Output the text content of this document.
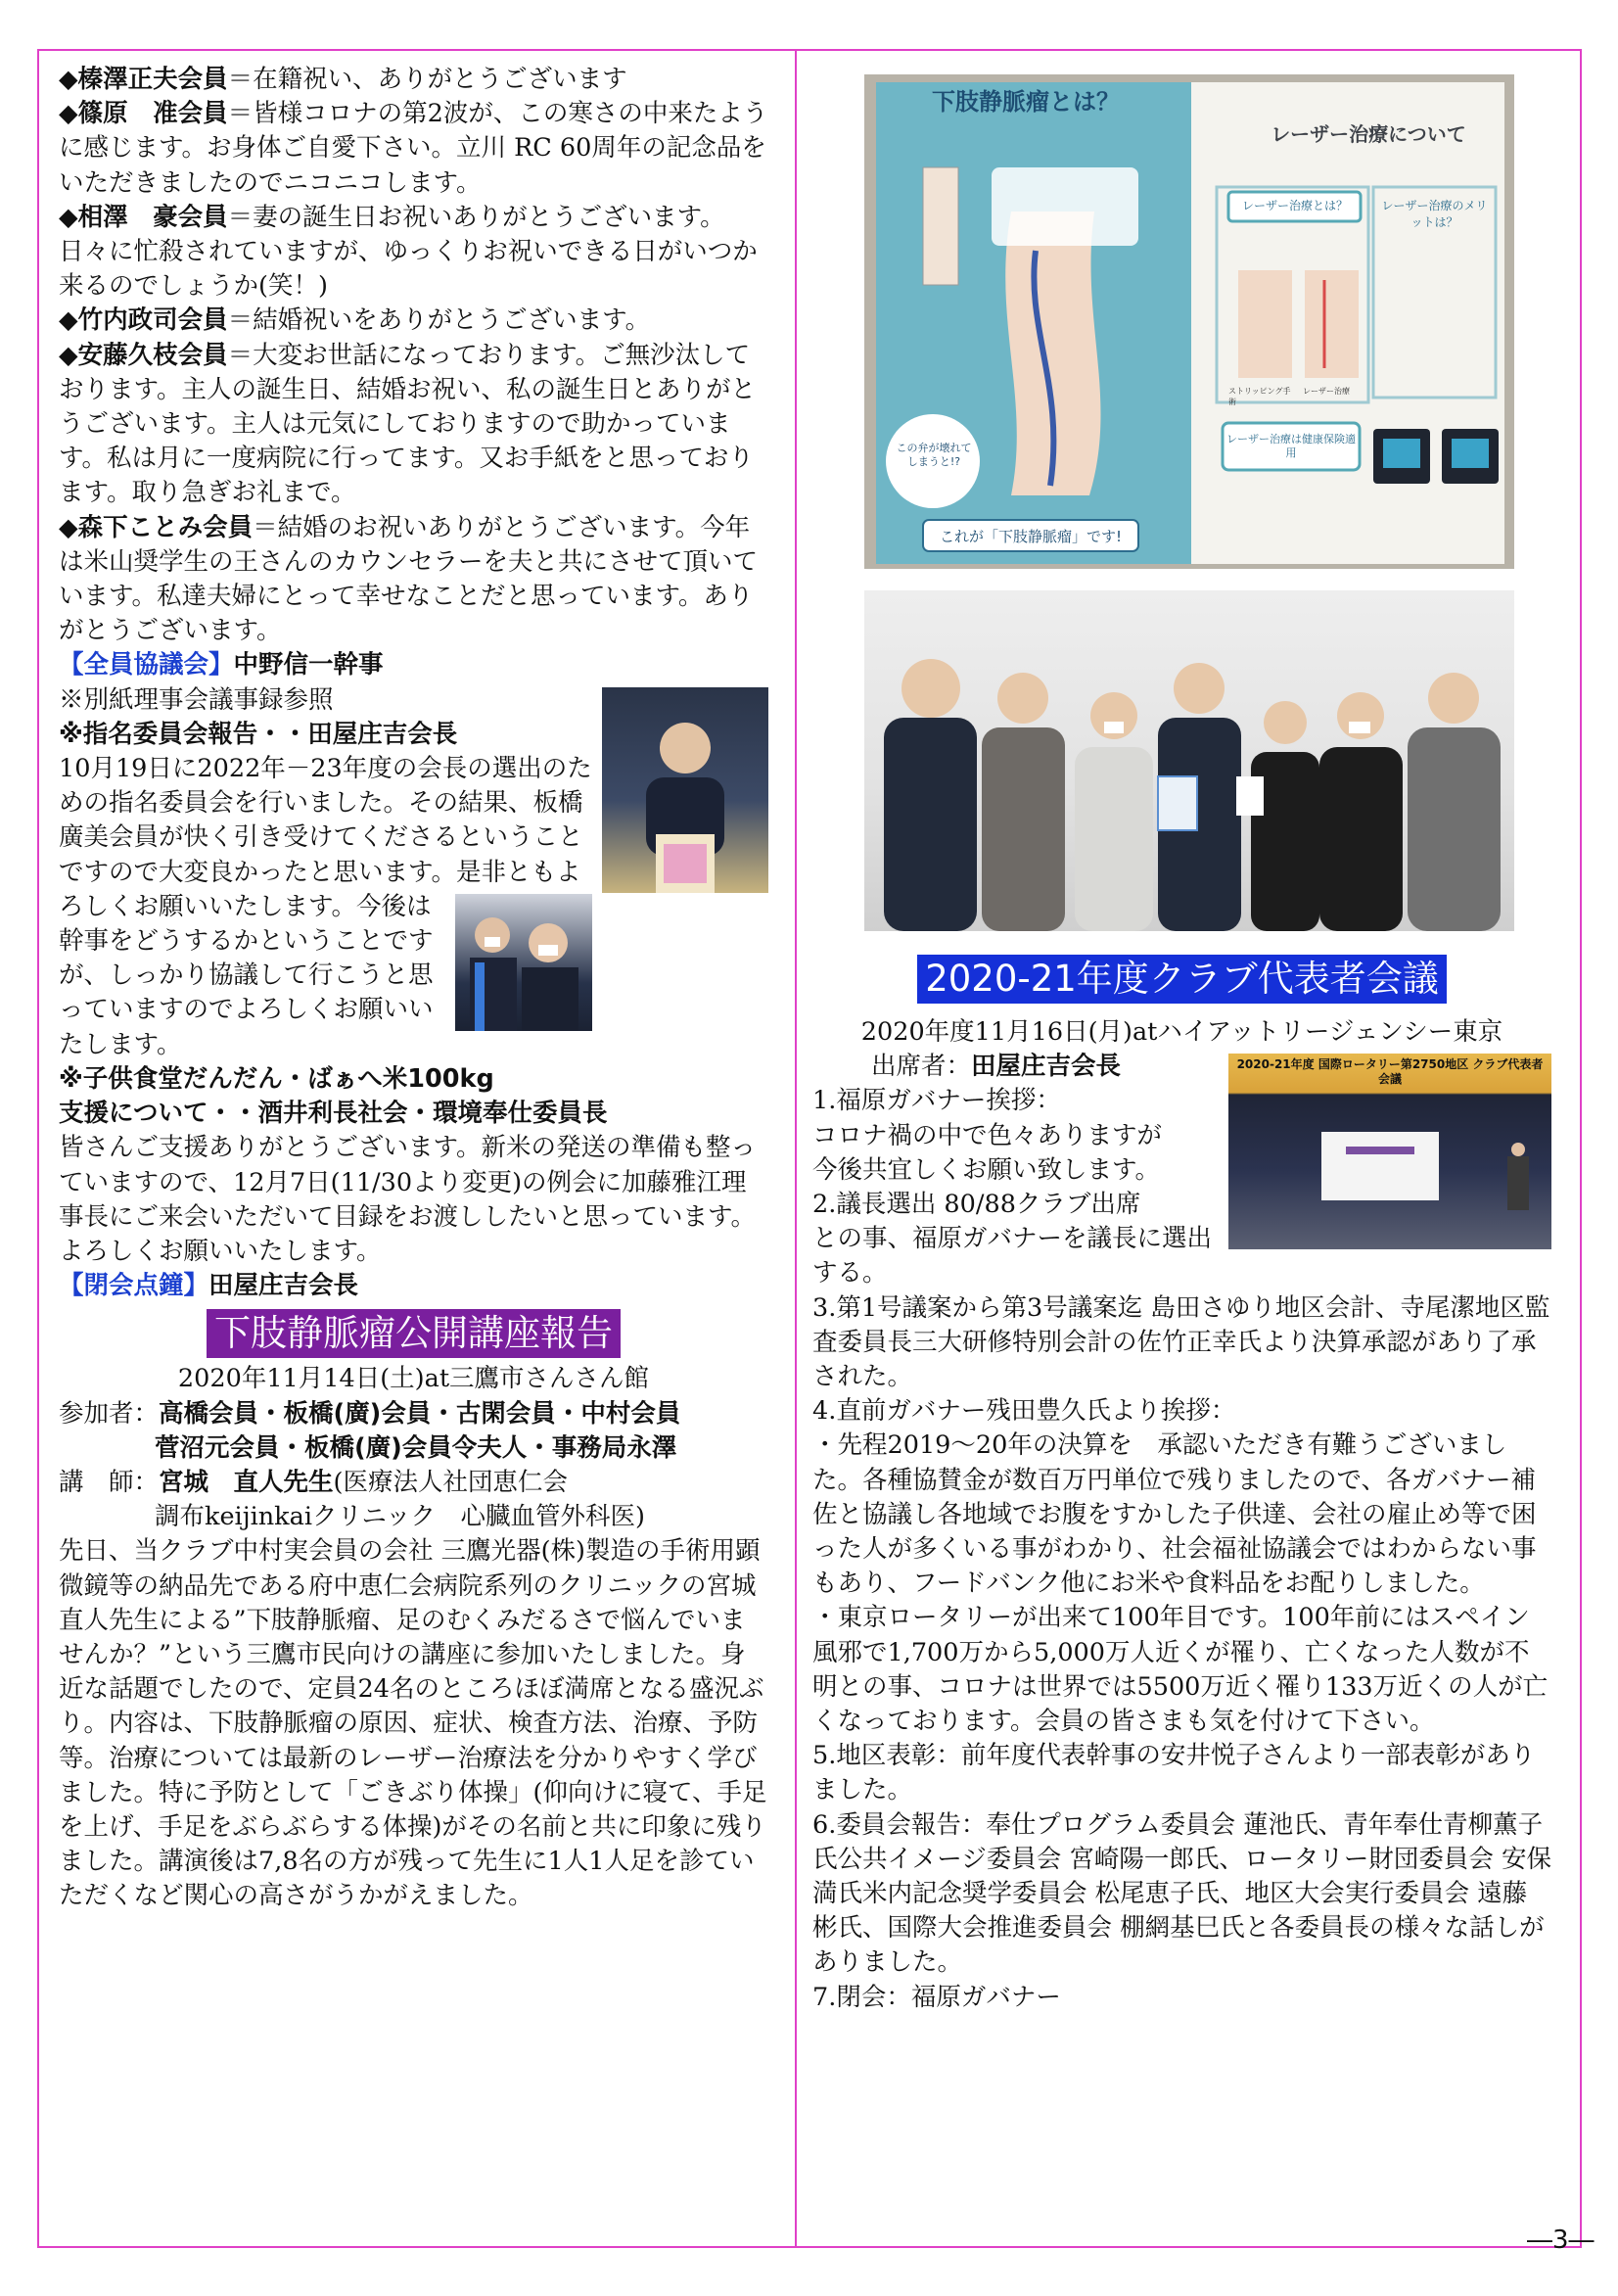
◆榛澤正夫会員＝在籍祝い、ありがとうございます

◆篠原　准会員＝皆様コロナの第2波が、この寒さの中来たように感じます。お身体ご自愛下さい。立川 RC 60周年の記念品をいただきましたのでニコニコします。

◆相澤　豪会員＝妻の誕生日お祝いありがとうございます。日々に忙殺されていますが、ゆっくりお祝いできる日がいつか来るのでしょうか(笑！)

◆竹内政司会員＝結婚祝いをありがとうございます。

◆安藤久枝会員＝大変お世話になっております。ご無沙汰しております。主人の誕生日、結婚お祝い、私の誕生日とありがとうございます。主人は元気にしておりますので助かっています。私は月に一度病院に行ってます。又お手紙をと思っております。取り急ぎお礼まで。

◆森下ことみ会員＝結婚のお祝いありがとうございます。今年は米山奨学生の王さんのカウンセラーを夫と共にさせて頂いています。私達夫婦にとって幸せなことだと思っています。ありがとうございます。

【全員協議会】中野信一幹事

※別紙理事会議事録参照

※指名委員会報告・・田屋庄吉会長

10月19日に2022年－23年度の会長の選出のための指名委員会を行いました。その結果、板橋廣美会員が快く引き受けてくださるということですので大変良かったと思います。是非ともよ

ろしくお願いいたします。今後は幹事をどうするかということですが、しっかり協議して行こうと思っていますのでよろしくお願いいたします。

※子供食堂だんだん・ばぁへ米100kg

支援について・・酒井利長社会・環境奉仕委員長

皆さんご支援ありがとうございます。新米の発送の準備も整っていますので、12月7日(11/30より変更)の例会に加藤雅江理事長にご来会いただいて目録をお渡ししたいと思っています。よろしくお願いいたします。

【閉会点鐘】田屋庄吉会長

下肢静脈瘤公開講座報告

2020年11月14日(土)at三鷹市さんさん館

参加者：高橋会員・板橋(廣)会員・古閑会員・中村会員

菅沼元会員・板橋(廣)会員令夫人・事務局永澤

講　師：宮城　直人先生(医療法人社団恵仁会

調布keijinkaiクリニック　心臓血管外科医)

先日、当クラブ中村実会員の会社 三鷹光器(株)製造の手術用顕微鏡等の納品先である府中恵仁会病院系列のクリニックの宮城直人先生による”下肢静脈瘤、足のむくみだるさで悩んでいませんか？”という三鷹市民向けの講座に参加いたしました。身近な話題でしたので、定員24名のところほぼ満席となる盛況ぶり。内容は、下肢静脈瘤の原因、症状、検査方法、治療、予防等。治療については最新のレーザー治療法を分かりやすく学びました。特に予防として「ごきぶり体操」(仰向けに寝て、手足を上げ、手足をぶらぶらする体操)がその名前と共に印象に残りました。講演後は7,8名の方が残って先生に1人1人足を診ていただくなど関心の高さがうかがえました。

下肢静脈瘤とは？
レーザー治療について
レーザー治療とは？	レーザー治療のメリットは？
この弁が壊れてしまうと!?
これが「下肢静脈瘤」です!
レーザー治療は健康保険適用
ストリッピング手術
レーザー治療
2020-21年度クラブ代表者会議

2020年度11月16日(月)atハイアットリージェンシー東京

2020-21年度 国際ロータリー第2750地区 クラブ代表者会議

出席者：田屋庄吉会長

1.福原ガバナー挨拶：

コロナ禍の中で色々ありますが

今後共宜しくお願い致します。

2.議長選出 80/88クラブ出席

との事、福原ガバナーを議長に選出する。

3.第1号議案から第3号議案迄 島田さゆり地区会計、寺尾潔地区監査委員長三大研修特別会計の佐竹正幸氏より決算承認があり了承された。

4.直前ガバナー残田豊久氏より挨拶：

・先程2019～20年の決算を　承認いただき有難うございました。各種協賛金が数百万円単位で残りましたので、各ガバナー補佐と協議し各地域でお腹をすかした子供達、会社の雇止め等で困った人が多くいる事がわかり、社会福祉協議会ではわからない事もあり、フードバンク他にお米や食料品をお配りしました。

・東京ロータリーが出来て100年目です。100年前にはスペイン風邪で1,700万から5,000万人近くが罹り、亡くなった人数が不明との事、コロナは世界では5500万近く罹り133万近くの人が亡くなっております。会員の皆さまも気を付けて下さい。

5.地区表彰：前年度代表幹事の安井悦子さんより一部表彰がありました。

6.委員会報告：奉仕プログラム委員会 蓮池氏、青年奉仕青柳薫子氏公共イメージ委員会 宮崎陽一郎氏、ロータリー財団委員会 安保満氏米内記念奨学委員会 松尾恵子氏、地区大会実行委員会 遠藤彬氏、国際大会推進委員会 棚網基巳氏と各委員長の様々な話しがありました。

7.閉会：福原ガバナー

―3―
